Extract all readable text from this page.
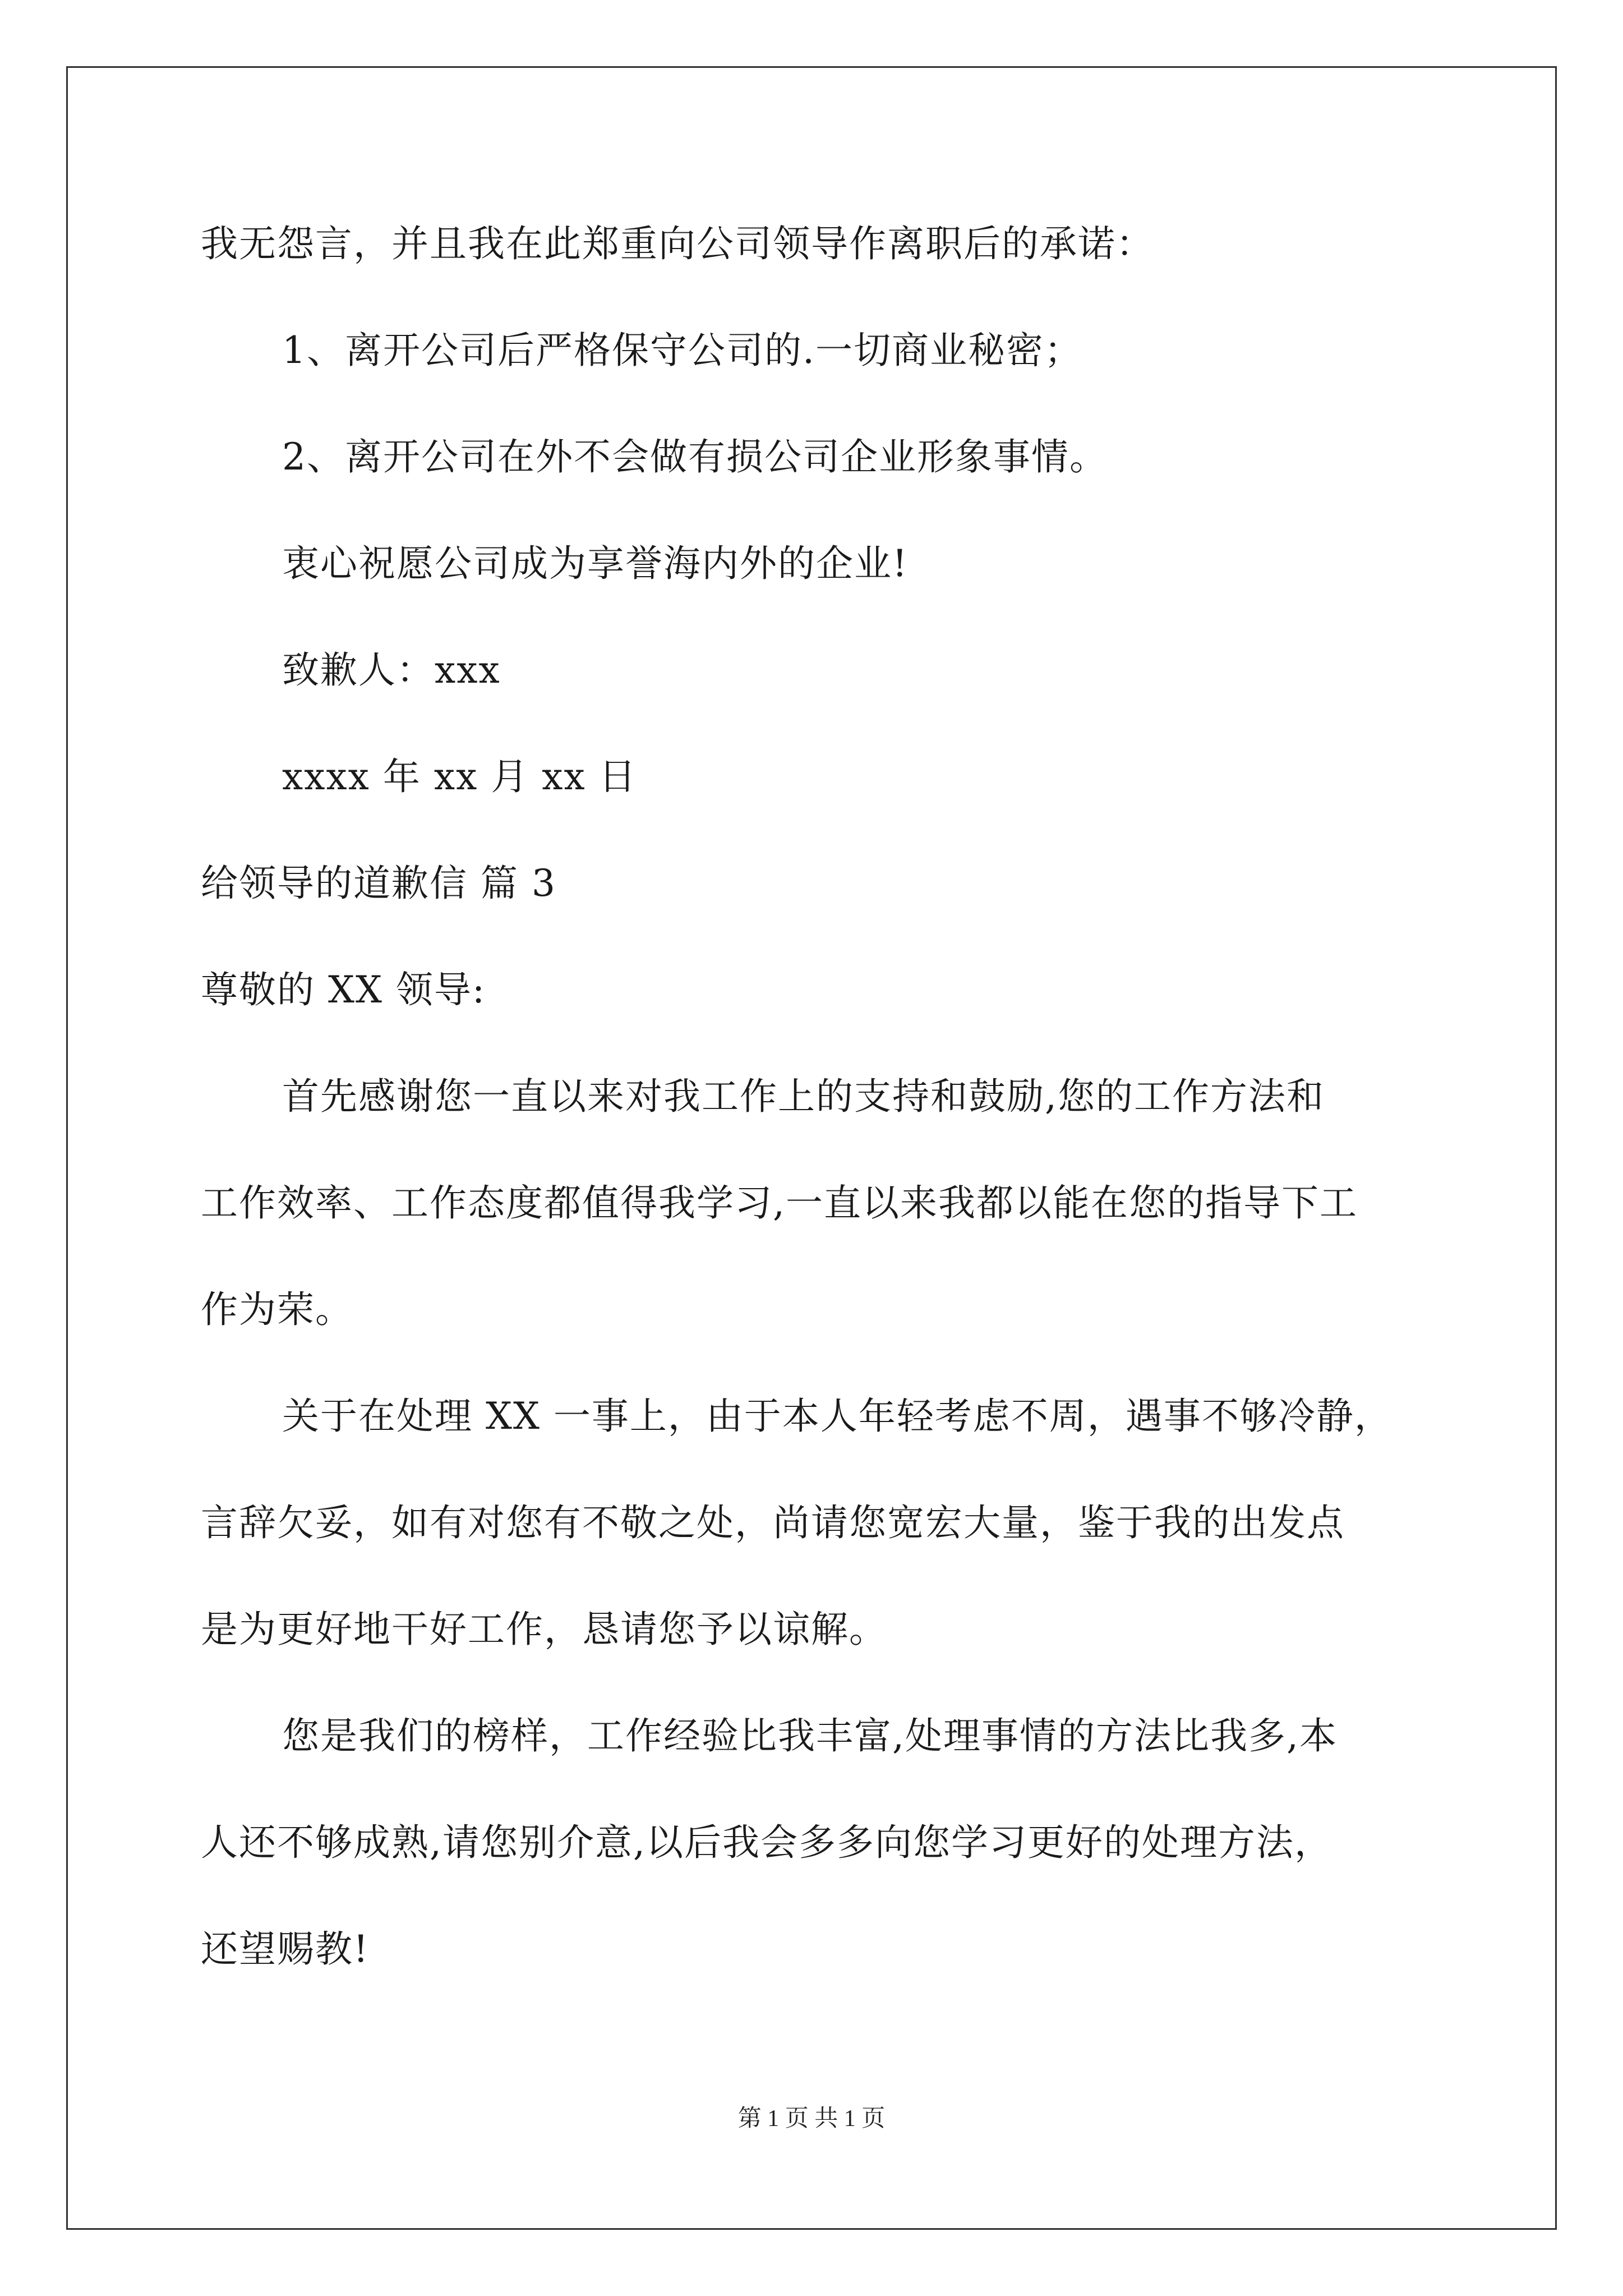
我无怨言，并且我在此郑重向公司领导作离职后的承诺：
1、离开公司后严格保守公司的.一切商业秘密；
2、离开公司在外不会做有损公司企业形象事情。
衷心祝愿公司成为享誉海内外的企业!
致歉人：xxx
xxxx 年 xx 月 xx 日
给领导的道歉信 篇 3
尊敬的 XX 领导:
首先感谢您一直以来对我工作上的支持和鼓励,您的工作方法和
工作效率、工作态度都值得我学习,一直以来我都以能在您的指导下工
作为荣。
关于在处理 XX 一事上，由于本人年轻考虑不周，遇事不够冷静，
言辞欠妥，如有对您有不敬之处，尚请您宽宏大量，鉴于我的出发点
是为更好地干好工作，恳请您予以谅解。
您是我们的榜样，工作经验比我丰富,处理事情的方法比我多,本
人还不够成熟,请您别介意,以后我会多多向您学习更好的处理方法，
还望赐教!
第 1 页 共 1 页
